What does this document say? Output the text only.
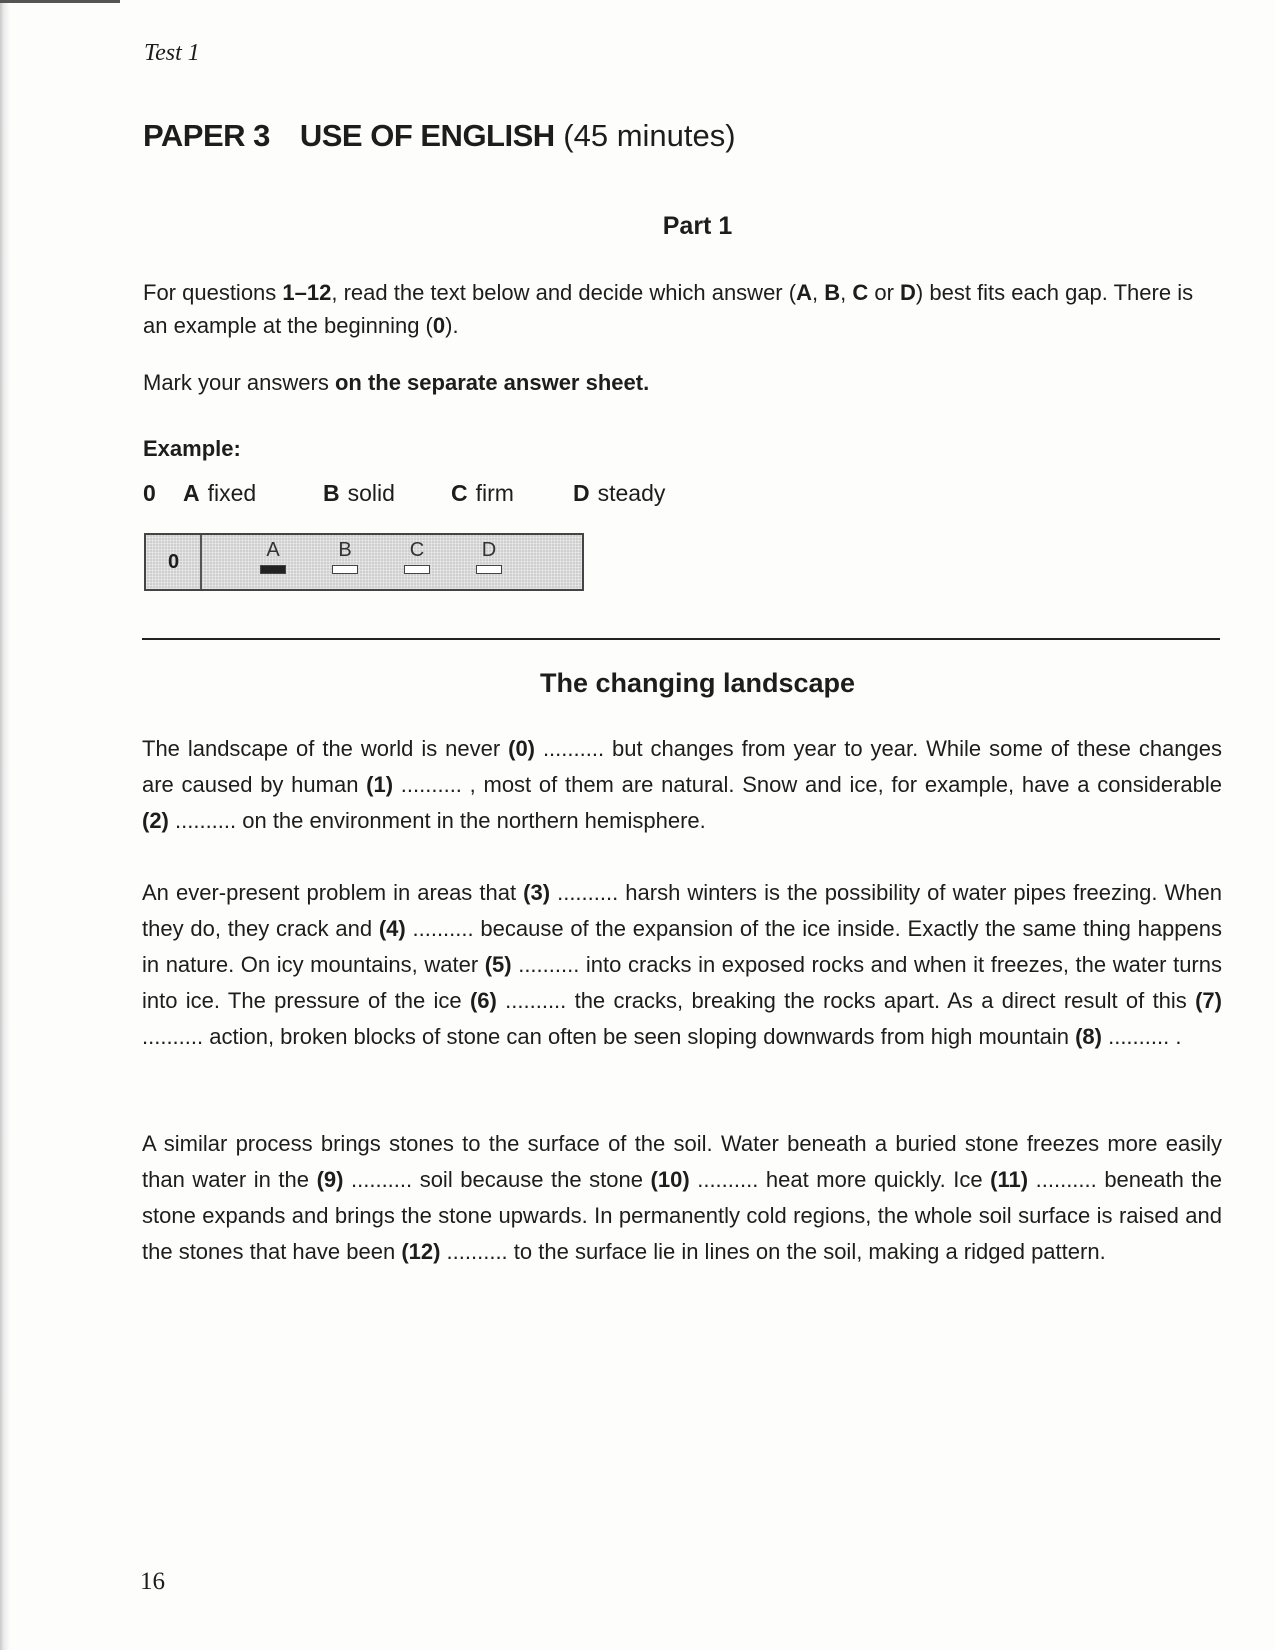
Test 1
PAPER 3 USE OF ENGLISH (45 minutes)
Part 1
For questions 1–12, read the text below and decide which answer (A, B, C or D) best fits each gap. There is an example at the beginning (0).
Mark your answers on the separate answer sheet.
Example:
0 A fixed	B solid C firm	D steady
0
A	B	C	D
The changing landscape
The landscape of the world is never (0) .......... but changes from year to year. While some of these changes are caused by human (1) .......... , most of them are natural. Snow and ice, for example, have a considerable (2) .......... on the environment in the northern hemisphere.
An ever-present problem in areas that (3) .......... harsh winters is the possibility of water pipes freezing. When they do, they crack and (4) .......... because of the expansion of the ice inside. Exactly the same thing happens in nature. On icy mountains, water (5) .......... into cracks in exposed rocks and when it freezes, the water turns into ice. The pressure of the ice (6) .......... the cracks, breaking the rocks apart. As a direct result of this (7) .......... action, broken blocks of stone can often be seen sloping downwards from high mountain (8) .......... .
A similar process brings stones to the surface of the soil. Water beneath a buried stone freezes more easily than water in the (9) .......... soil because the stone (10) .......... heat more quickly. Ice (11) .......... beneath the stone expands and brings the stone upwards. In permanently cold regions, the whole soil surface is raised and the stones that have been (12) .......... to the surface lie in lines on the soil, making a ridged pattern.
16
